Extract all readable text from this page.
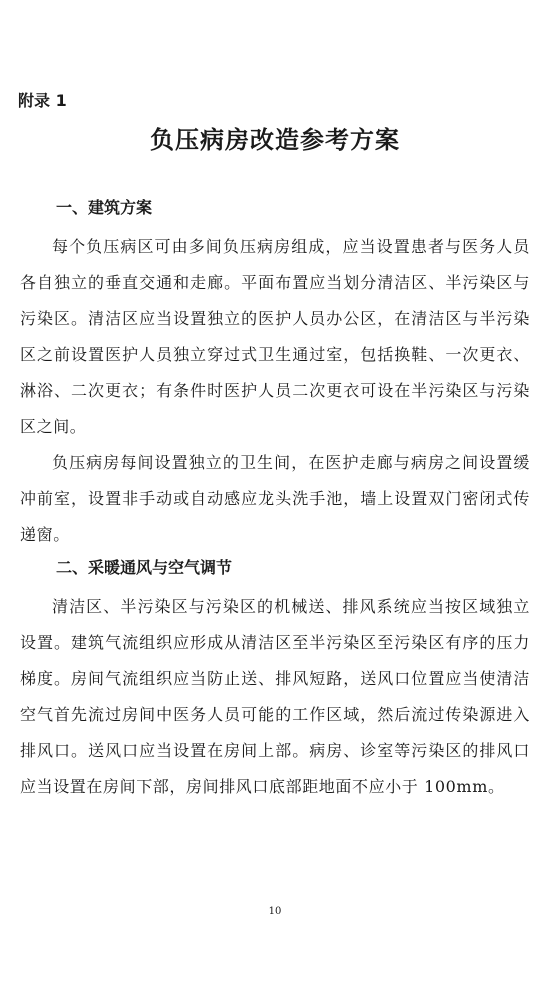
附录 1
负压病房改造参考方案
一、建筑方案

每个负压病区可由多间负压病房组成，应当设置患者与医务人员各自独立的垂直交通和走廊。平面布置应当划分清洁区、半污染区与污染区。清洁区应当设置独立的医护人员办公区，在清洁区与半污染区之前设置医护人员独立穿过式卫生通过室，包括换鞋、一次更衣、淋浴、二次更衣；有条件时医护人员二次更衣可设在半污染区与污染区之间。

负压病房每间设置独立的卫生间，在医护走廊与病房之间设置缓冲前室，设置非手动或自动感应龙头洗手池，墙上设置双门密闭式传递窗。

二、采暖通风与空气调节

清洁区、半污染区与污染区的机械送、排风系统应当按区域独立设置。建筑气流组织应形成从清洁区至半污染区至污染区有序的压力梯度。房间气流组织应当防止送、排风短路，送风口位置应当使清洁空气首先流过房间中医务人员可能的工作区域，然后流过传染源进入排风口。送风口应当设置在房间上部。病房、诊室等污染区的排风口应当设置在房间下部，房间排风口底部距地面不应小于 100mm。

10
